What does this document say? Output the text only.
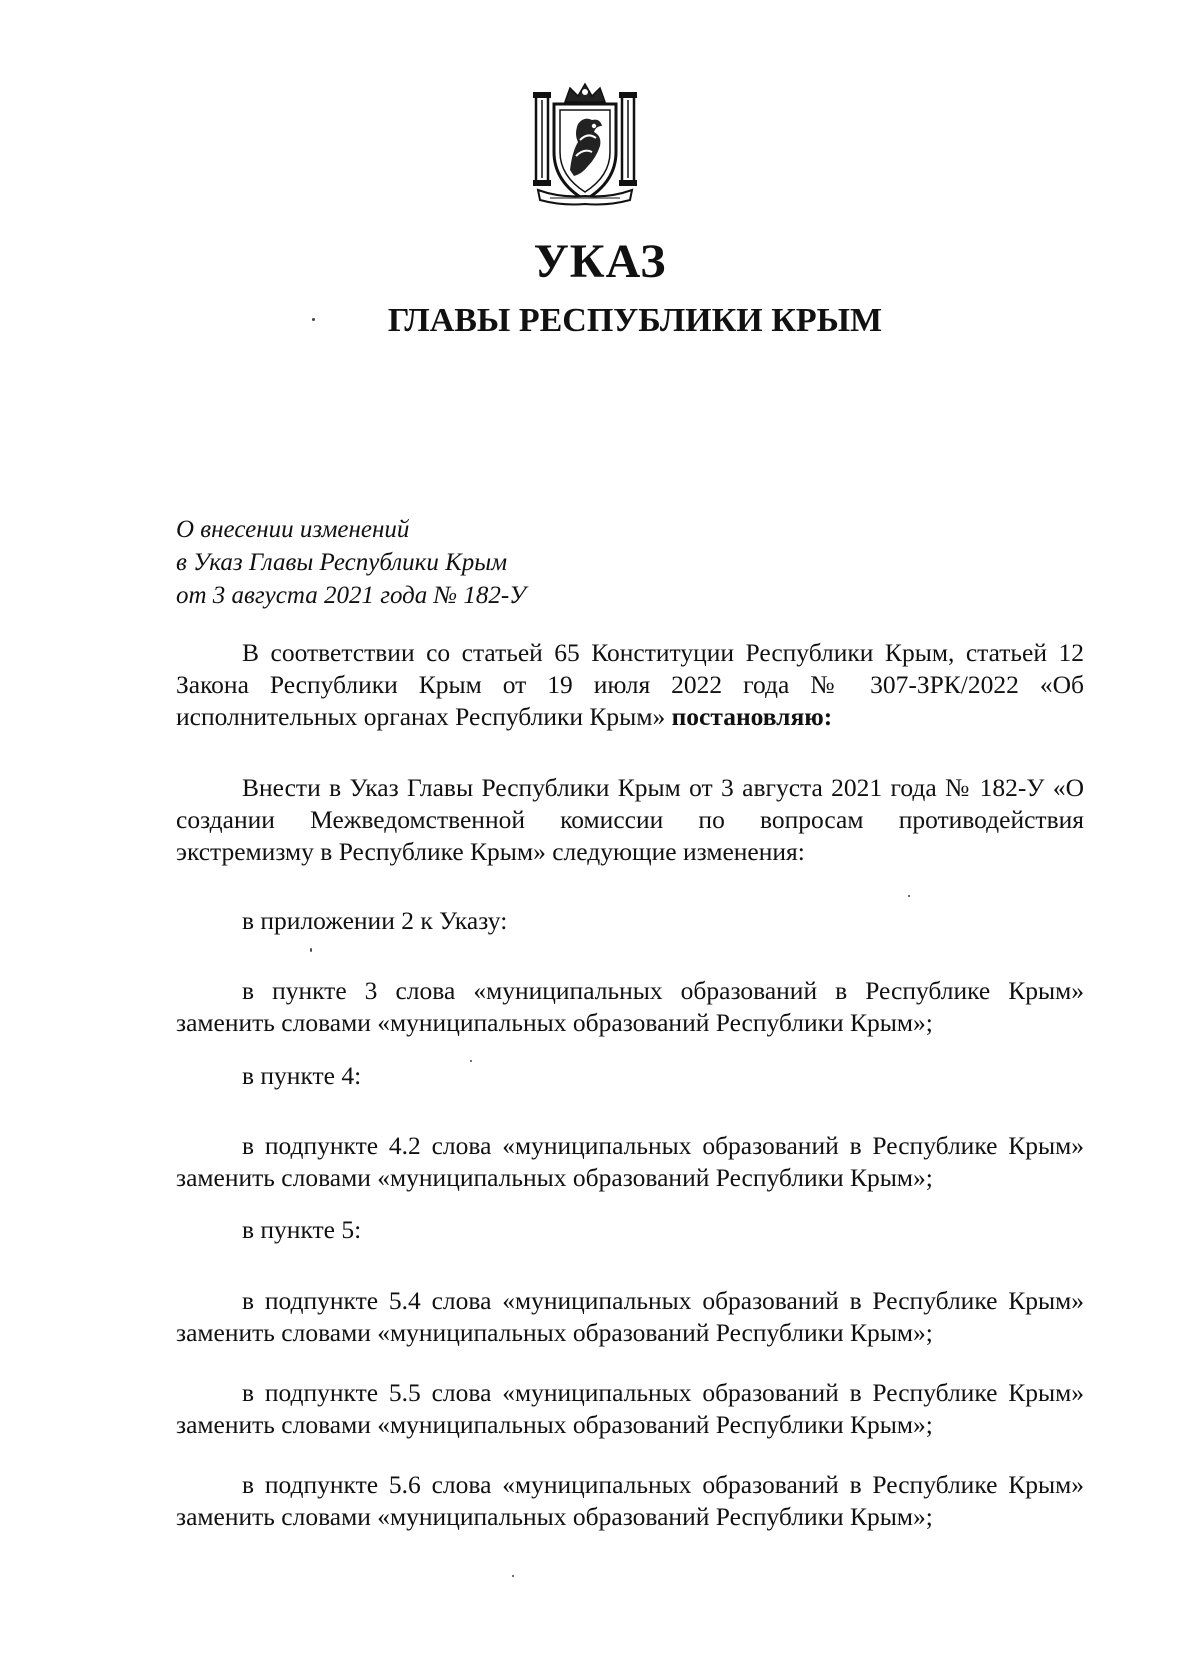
УКАЗ
ГЛАВЫ РЕСПУБЛИКИ КРЫМ
О внесении изменений
в Указ Главы Республики Крым
от 3 августа 2021 года № 182-У
В соответствии со статьей 65 Конституции Республики Крым, статьей 12 Закона Республики Крым от 19 июля 2022 года № 307-ЗРК/2022 «Об исполнительных органах Республики Крым» постановляю:
Внести в Указ Главы Республики Крым от 3 августа 2021 года № 182-У «О создании Межведомственной комиссии по вопросам противодействия экстремизму в Республике Крым» следующие изменения:
в приложении 2 к Указу:
в пункте 3 слова «муниципальных образований в Республике Крым» заменить словами «муниципальных образований Республики Крым»;
в пункте 4:
в подпункте 4.2 слова «муниципальных образований в Республике Крым» заменить словами «муниципальных образований Республики Крым»;
в пункте 5:
в подпункте 5.4 слова «муниципальных образований в Республике Крым» заменить словами «муниципальных образований Республики Крым»;
в подпункте 5.5 слова «муниципальных образований в Республике Крым» заменить словами «муниципальных образований Республики Крым»;
в подпункте 5.6 слова «муниципальных образований в Республике Крым» заменить словами «муниципальных образований Республики Крым»;
